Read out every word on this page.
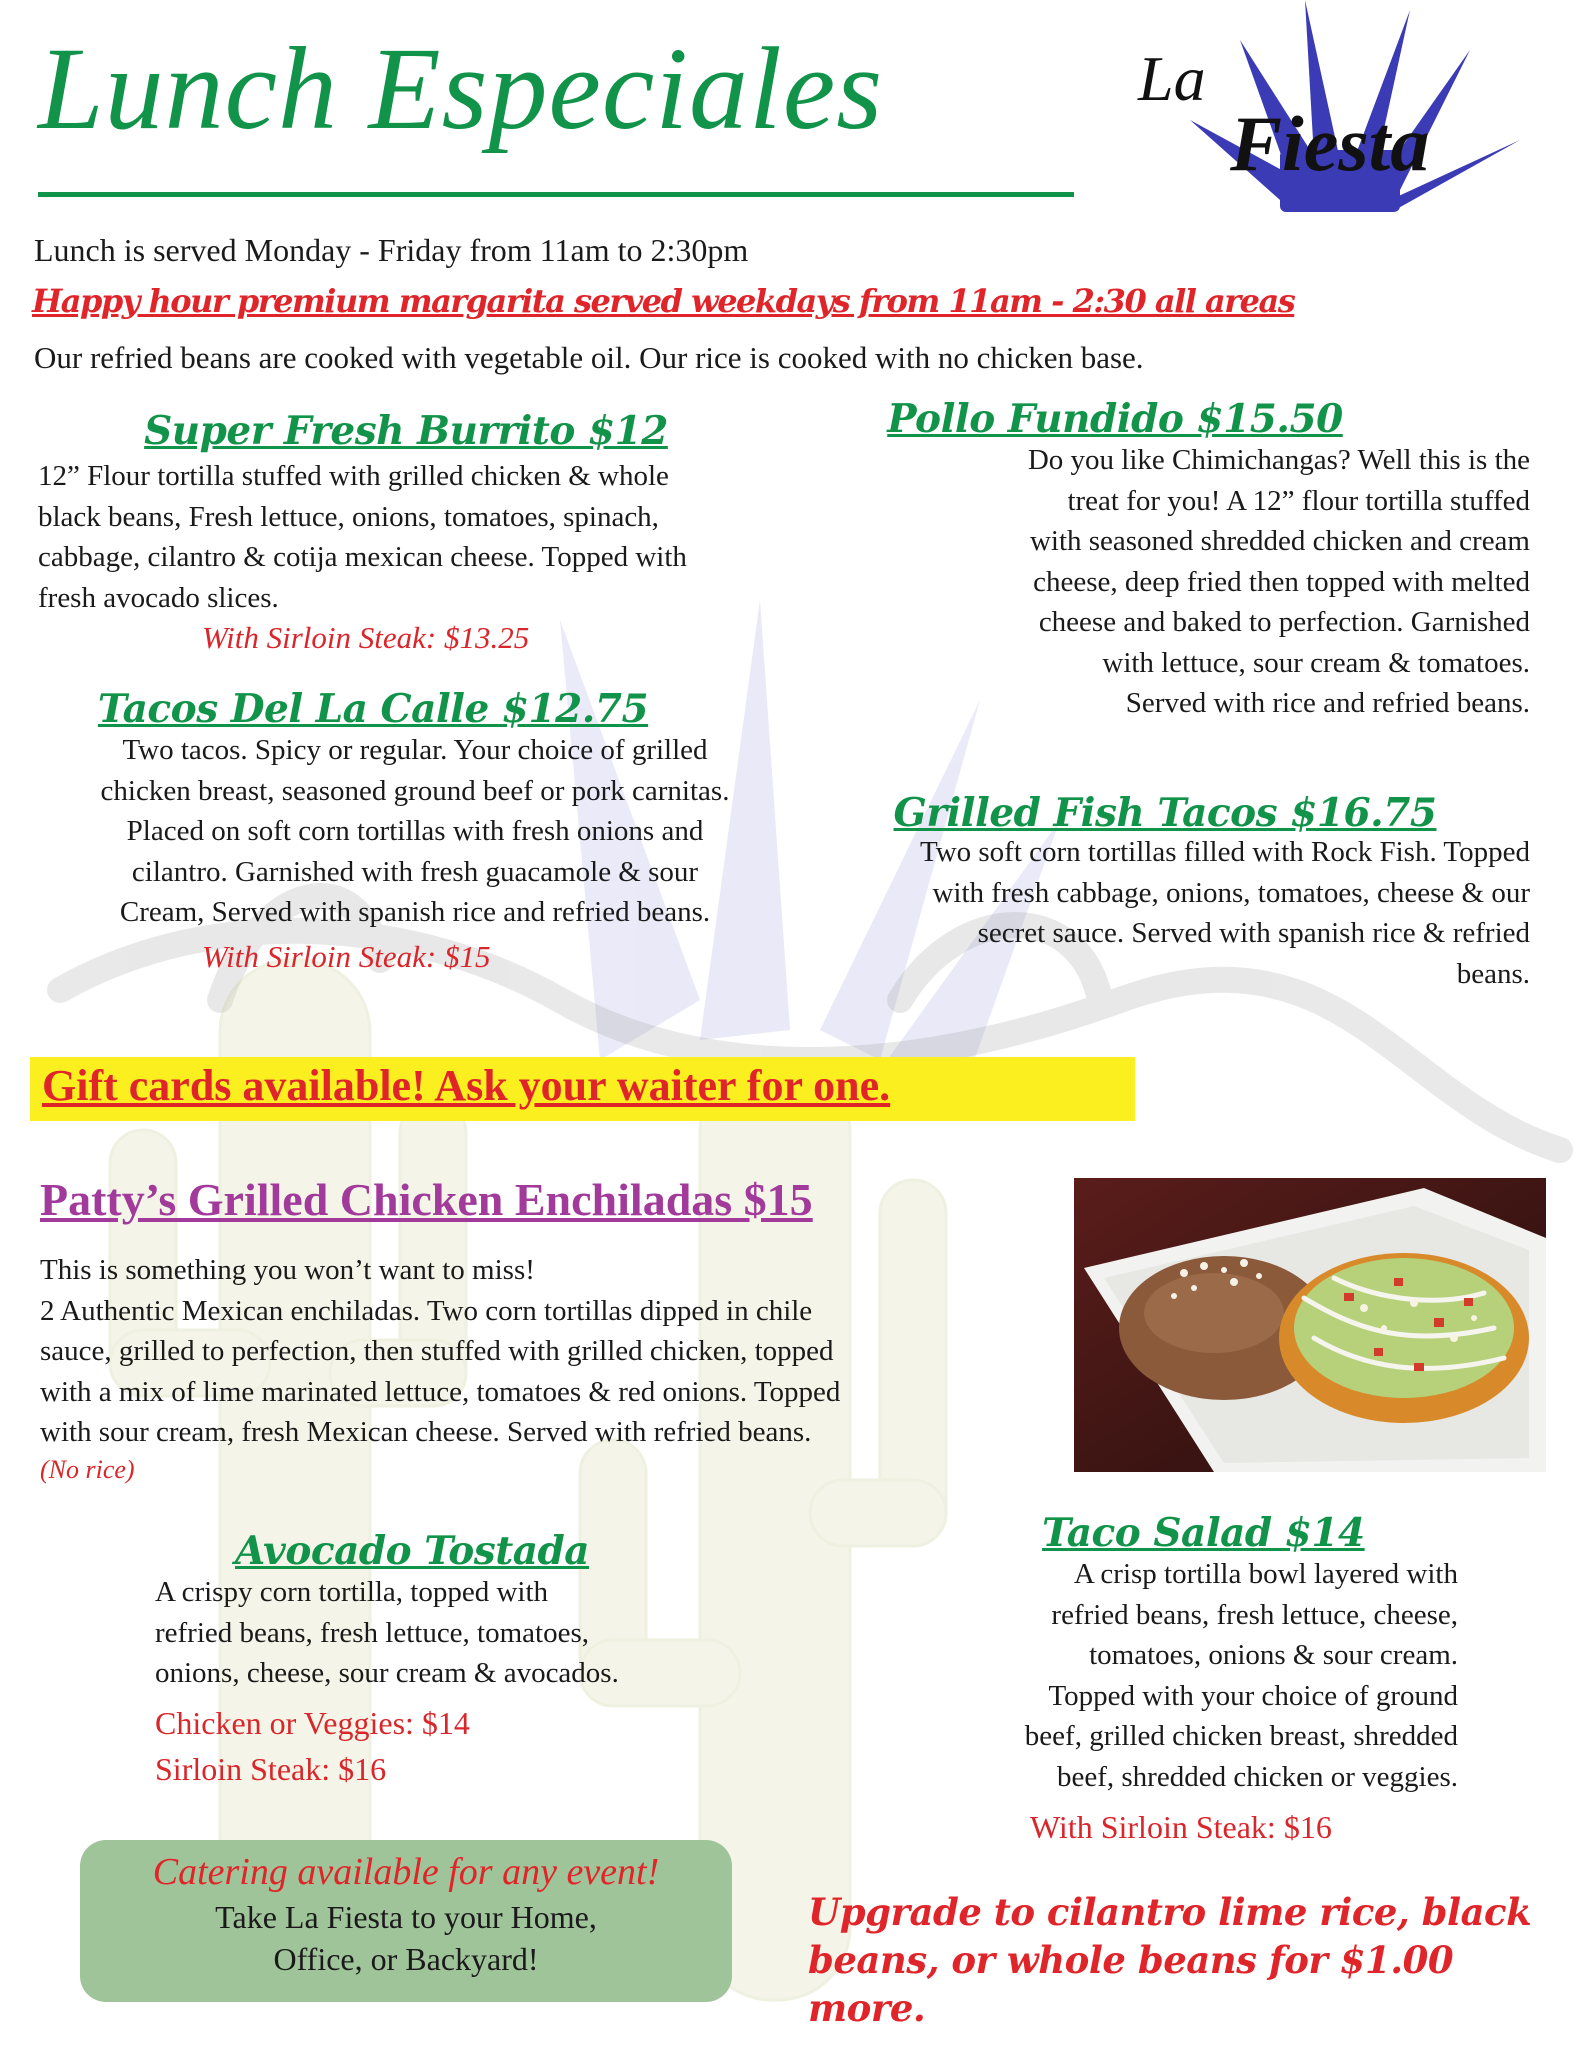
Lunch Especiales	La
Fiesta
Lunch is served Monday - Friday from 11am to 2:30pm
Happy hour premium margarita served weekdays from 11am - 2:30 all areas
Our refried beans are cooked with vegetable oil. Our rice is cooked with no chicken base.
Super Fresh Burrito $12
12” Flour tortilla stuffed with grilled chicken & whole
black beans, Fresh lettuce, onions, tomatoes, spinach,
cabbage, cilantro & cotija mexican cheese. Topped with
fresh avocado slices.
With Sirloin Steak: $13.25
Tacos Del La Calle $12.75
Two tacos. Spicy or regular. Your choice of grilled
chicken breast, seasoned ground beef or pork carnitas.
Placed on soft corn tortillas with fresh onions and
cilantro. Garnished with fresh guacamole & sour
Cream, Served with spanish rice and refried beans.
With Sirloin Steak: $15
Pollo Fundido $15.50
Do you like Chimichangas? Well this is the
treat for you! A 12” flour tortilla stuffed
with seasoned shredded chicken and cream
cheese, deep fried then topped with melted
cheese and baked to perfection. Garnished
with lettuce, sour cream & tomatoes.
Served with rice and refried beans.
Grilled Fish Tacos $16.75
Two soft corn tortillas filled with Rock Fish. Topped
with fresh cabbage, onions, tomatoes, cheese & our
secret sauce. Served with spanish rice & refried
beans.
Gift cards available! Ask your waiter for one.
Patty’s Grilled Chicken Enchiladas $15
This is something you won’t want to miss!
2 Authentic Mexican enchiladas. Two corn tortillas dipped in chile
sauce, grilled to perfection, then stuffed with grilled chicken, topped
with a mix of lime marinated lettuce, tomatoes & red onions. Topped
with sour cream, fresh Mexican cheese. Served with refried beans.
(No rice)
Avocado Tostada
A crispy corn tortilla, topped with
refried beans, fresh lettuce, tomatoes,
onions, cheese, sour cream & avocados.
Chicken or Veggies: $14
Sirloin Steak: $16
Taco Salad $14
A crisp tortilla bowl layered with
refried beans, fresh lettuce, cheese,
tomatoes, onions & sour cream.
Topped with your choice of ground
beef, grilled chicken breast, shredded
beef, shredded chicken or veggies.
With Sirloin Steak: $16
Catering available for any event!
Take La Fiesta to your Home,
Office, or Backyard!
Upgrade to cilantro lime rice, black
beans, or whole beans for $1.00 more.
